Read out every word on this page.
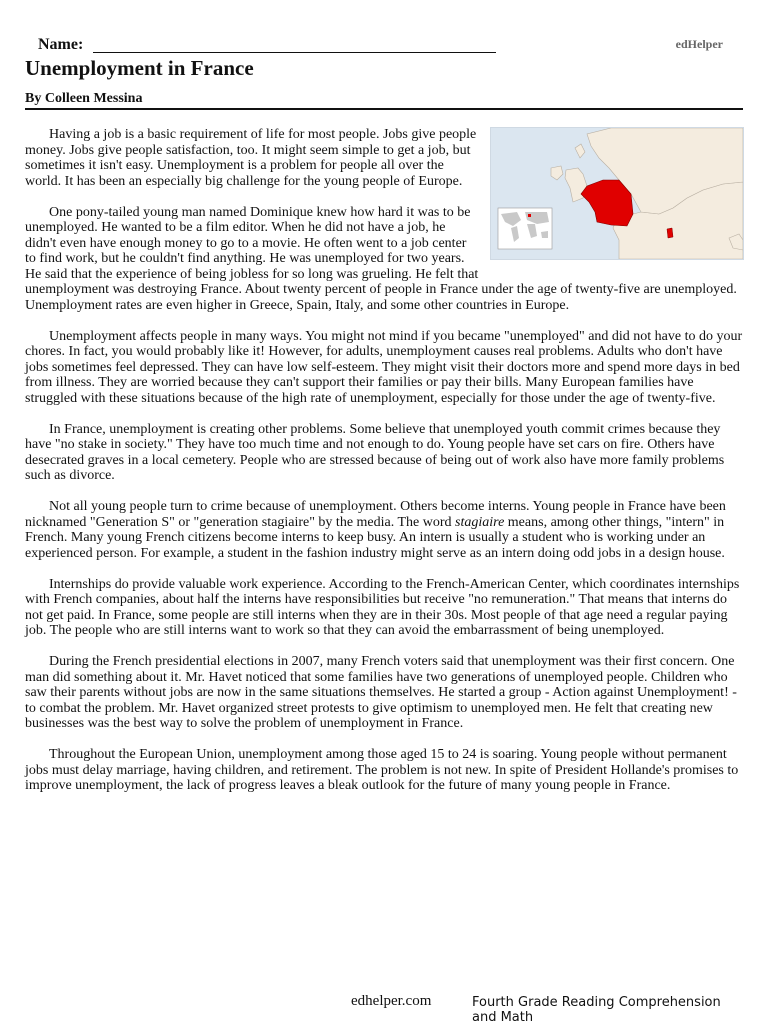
Name:	edHelper
Unemployment in France
By Colleen Messina

Having a job is a basic requirement of life for most people. Jobs give people money. Jobs give people satisfaction, too. It might seem simple to get a job, but sometimes it isn't easy. Unemployment is a problem for people all over the world. It has been an especially big challenge for the young people of Europe.

One pony-tailed young man named Dominique knew how hard it was to be unemployed. He wanted to be a film editor. When he did not have a job, he didn't even have enough money to go to a movie. He often went to a job center to find work, but he couldn't find anything. He was unemployed for two years. He said that the experience of being jobless for so long was grueling. He felt that unemployment was destroying France. About twenty percent of people in France under the age of twenty-five are unemployed. Unemployment rates are even higher in Greece, Spain, Italy, and some other countries in Europe.

Unemployment affects people in many ways. You might not mind if you became "unemployed" and did not have to do your chores. In fact, you would probably like it! However, for adults, unemployment causes real problems. Adults who don't have jobs sometimes feel depressed. They can have low self-esteem. They might visit their doctors more and spend more days in bed from illness. They are worried because they can't support their families or pay their bills. Many European families have struggled with these situations because of the high rate of unemployment, especially for those under the age of twenty-five.

In France, unemployment is creating other problems. Some believe that unemployed youth commit crimes because they have "no stake in society." They have too much time and not enough to do. Young people have set cars on fire. Others have desecrated graves in a local cemetery. People who are stressed because of being out of work also have more family problems such as divorce.

Not all young people turn to crime because of unemployment. Others become interns. Young people in France have been nicknamed "Generation S" or "generation stagiaire" by the media. The word stagiaire means, among other things, "intern" in French. Many young French citizens become interns to keep busy. An intern is usually a student who is working under an experienced person. For example, a student in the fashion industry might serve as an intern doing odd jobs in a design house.

Internships do provide valuable work experience. According to the French-American Center, which coordinates internships with French companies, about half the interns have responsibilities but receive "no remuneration." That means that interns do not get paid. In France, some people are still interns when they are in their 30s. Most people of that age need a regular paying job. The people who are still interns want to work so that they can avoid the embarrassment of being unemployed.

During the French presidential elections in 2007, many French voters said that unemployment was their first concern. One man did something about it. Mr. Havet noticed that some families have two generations of unemployed people. Children who saw their parents without jobs are now in the same situations themselves. He started a group - Action against Unemployment! - to combat the problem. Mr. Havet organized street protests to give optimism to unemployed men. He felt that creating new businesses was the best way to solve the problem of unemployment in France.

Throughout the European Union, unemployment among those aged 15 to 24 is soaring. Young people without permanent jobs must delay marriage, having children, and retirement. The problem is not new. In spite of President Hollande's promises to improve unemployment, the lack of progress leaves a bleak outlook for the future of many young people in France.

edhelper.com	Fourth Grade Reading Comprehension and Math
